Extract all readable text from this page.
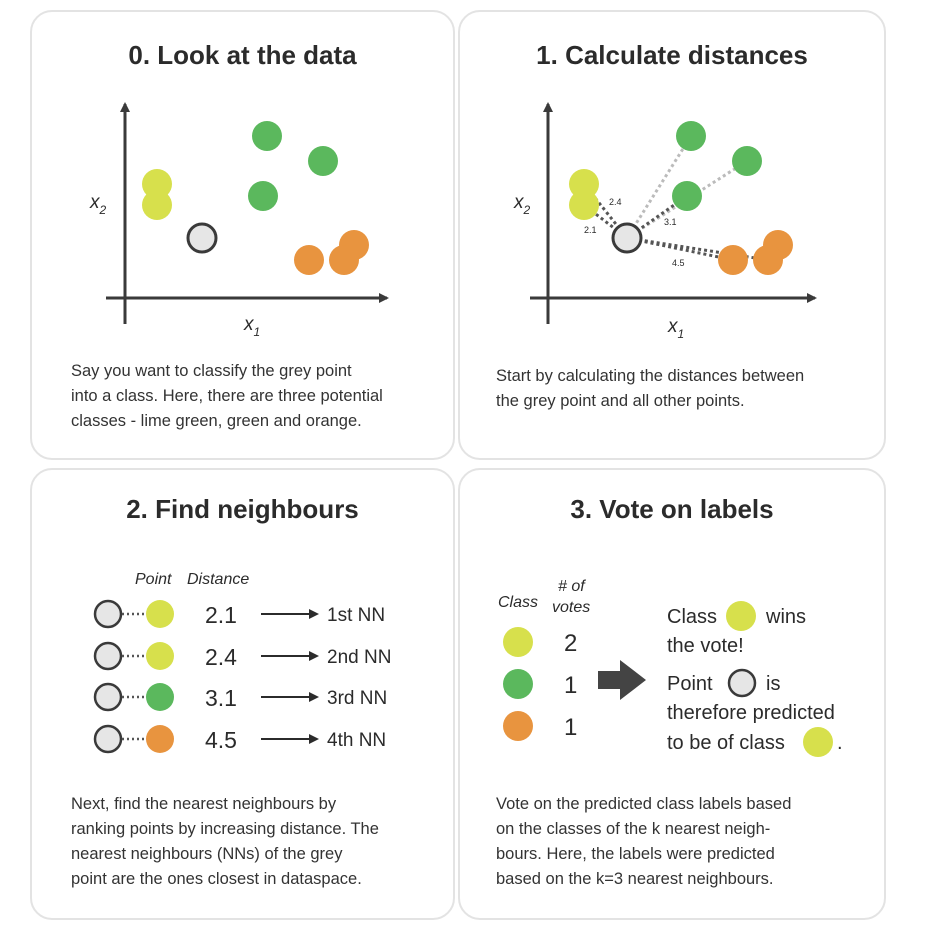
0. Look at the data
$x_2$
$x_1$
Say you want to classify the grey point
into a class. Here, there are three potential
classes - lime green, green and orange.
1. Calculate distances
$x_2$
$x_1$
2.4
2.1
3.1
4.5
Start by calculating the distances between
the grey point and all other points.
2. Find neighbours
Point Distance
2.1	1st NN
2.4	2nd NN
3.1	3rd NN
4.5	4th NN
Next, find the nearest neighbours by
ranking points by increasing distance. The
nearest neighbours (NNs) of the grey
point are the ones closest in dataspace.
3. Vote on labels
Class
# of
votes
2
1
1
Class wins
the vote!
Point	is
therefore predicted
to be of class	.
Vote on the predicted class labels based
on the classes of the k nearest neigh-
bours. Here, the labels were predicted
based on the k=3 nearest neighbours.
